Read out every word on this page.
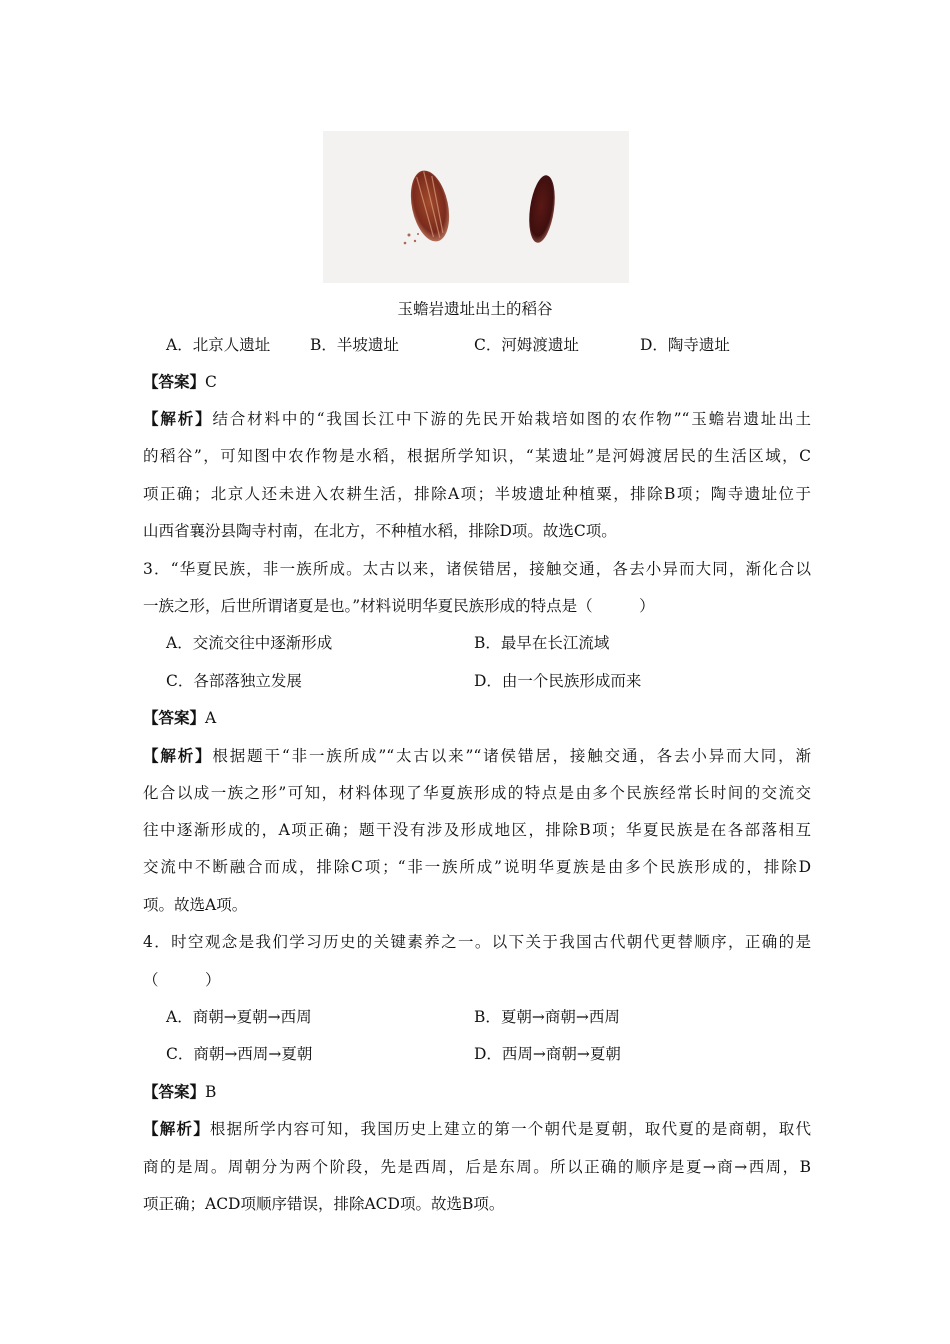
玉蟾岩遗址出土的稻谷
A．北京人遗址	B．半坡遗址	C．河姆渡遗址	D．陶寺遗址
【答案】C
【解析】结合材料中的“我国长江中下游的先民开始栽培如图的农作物”“玉蟾岩遗址出土
的稻谷”，可知图中农作物是水稻，根据所学知识，“某遗址”是河姆渡居民的生活区域，C
项正确；北京人还未进入农耕生活，排除A项；半坡遗址种植粟，排除B项；陶寺遗址位于
山西省襄汾县陶寺村南，在北方，不种植水稻，排除D项。故选C项。
3．“华夏民族，非一族所成。太古以来，诸侯错居，接触交通，各去小异而大同，渐化合以
一族之形，后世所谓诸夏是也。”材料说明华夏民族形成的特点是（　　　）
A．交流交往中逐渐形成	B．最早在长江流域
C．各部落独立发展	D．由一个民族形成而来
【答案】A
【解析】根据题干“非一族所成”“太古以来”“诸侯错居，接触交通，各去小异而大同，渐
化合以成一族之形”可知，材料体现了华夏族形成的特点是由多个民族经常长时间的交流交
往中逐渐形成的，A项正确；题干没有涉及形成地区，排除B项；华夏民族是在各部落相互
交流中不断融合而成，排除C项；“非一族所成”说明华夏族是由多个民族形成的，排除D
项。故选A项。
4．时空观念是我们学习历史的关键素养之一。以下关于我国古代朝代更替顺序，正确的是
（　　　）
A．商朝→夏朝→西周	B．夏朝→商朝→西周
C．商朝→西周→夏朝	D．西周→商朝→夏朝
【答案】B
【解析】根据所学内容可知，我国历史上建立的第一个朝代是夏朝，取代夏的是商朝，取代
商的是周。周朝分为两个阶段，先是西周，后是东周。所以正确的顺序是夏→商→西周，B
项正确；ACD项顺序错误，排除ACD项。故选B项。
